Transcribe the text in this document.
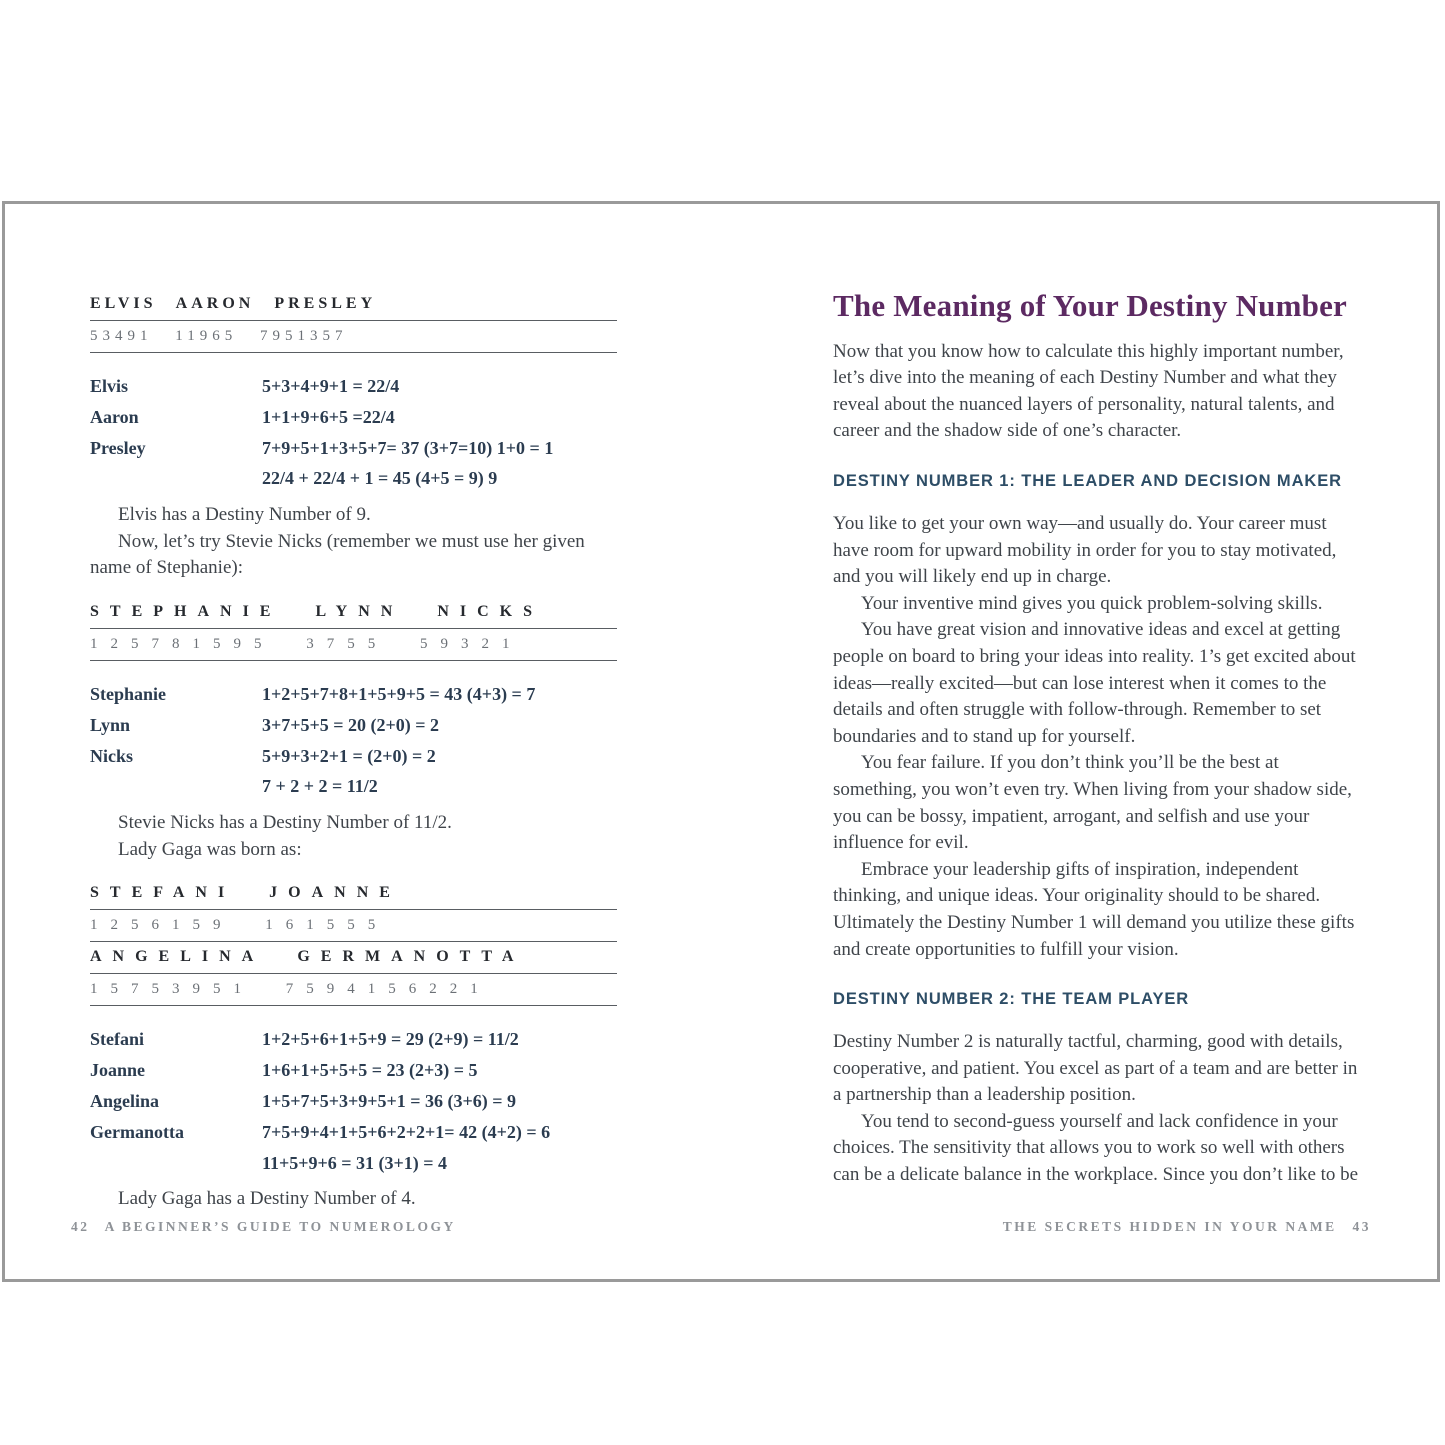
ELVIS AARON PRESLEY
53491 11965 7951357
Elvis	5+3+4+9+1 = 22/4
Aaron	1+1+9+6+5 =22/4
Presley	7+9+5+1+3+5+7= 37 (3+7=10) 1+0 = 1
22/4 + 22/4 + 1 = 45 (4+5 = 9) 9

Elvis has a Destiny Number of 9.

Now, let’s try Stevie Nicks (remember we must use her given name of Stephanie):

STEPHANIE LYNN NICKS
125781595 3755 59321
Stephanie	1+2+5+7+8+1+5+9+5 = 43 (4+3) = 7
Lynn	3+7+5+5 = 20 (2+0) = 2
Nicks	5+9+3+2+1 = (2+0) = 2
7 + 2 + 2 = 11/2

Stevie Nicks has a Destiny Number of 11/2.

Lady Gaga was born as:

STEFANI JOANNE
1256159 161555
ANGELINA GERMANOTTA
15753951 7594156221
Stefani	1+2+5+6+1+5+9 = 29 (2+9) = 11/2
Joanne	1+6+1+5+5+5 = 23 (2+3) = 5
Angelina	1+5+7+5+3+9+5+1 = 36 (3+6) = 9
Germanotta	7+5+9+4+1+5+6+2+2+1= 42 (4+2) = 6
11+5+9+6 = 31 (3+1) = 4

Lady Gaga has a Destiny Number of 4.

The Meaning of Your Destiny Number

Now that you know how to calculate this highly important number, let’s dive into the meaning of each Destiny Number and what they reveal about the nuanced layers of personality, natural talents, and career and the shadow side of one’s character.

DESTINY NUMBER 1: THE LEADER AND DECISION MAKER

You like to get your own way—and usually do. Your career must have room for upward mobility in order for you to stay motivated, and you will likely end up in charge.

Your inventive mind gives you quick problem-solving skills.

You have great vision and innovative ideas and excel at getting people on board to bring your ideas into reality. 1’s get excited about ideas—really excited—but can lose interest when it comes to the details and often struggle with follow-through. Remember to set boundaries and to stand up for yourself.

You fear failure. If you don’t think you’ll be the best at something, you won’t even try. When living from your shadow side, you can be bossy, impatient, arrogant, and selfish and use your influence for evil.

Embrace your leadership gifts of inspiration, independent thinking, and unique ideas. Your originality should to be shared. Ultimately the Destiny Number 1 will demand you utilize these gifts and create opportunities to fulfill your vision.

DESTINY NUMBER 2: THE TEAM PLAYER

Destiny Number 2 is naturally tactful, charming, good with details, cooperative, and patient. You excel as part of a team and are better in a partnership than a leadership position.

You tend to second-guess yourself and lack confidence in your choices. The sensitivity that allows you to work so well with others can be a delicate balance in the workplace. Since you don’t like to be

42 A BEGINNER’S GUIDE TO NUMEROLOGY	THE SECRETS HIDDEN IN YOUR NAME 43
